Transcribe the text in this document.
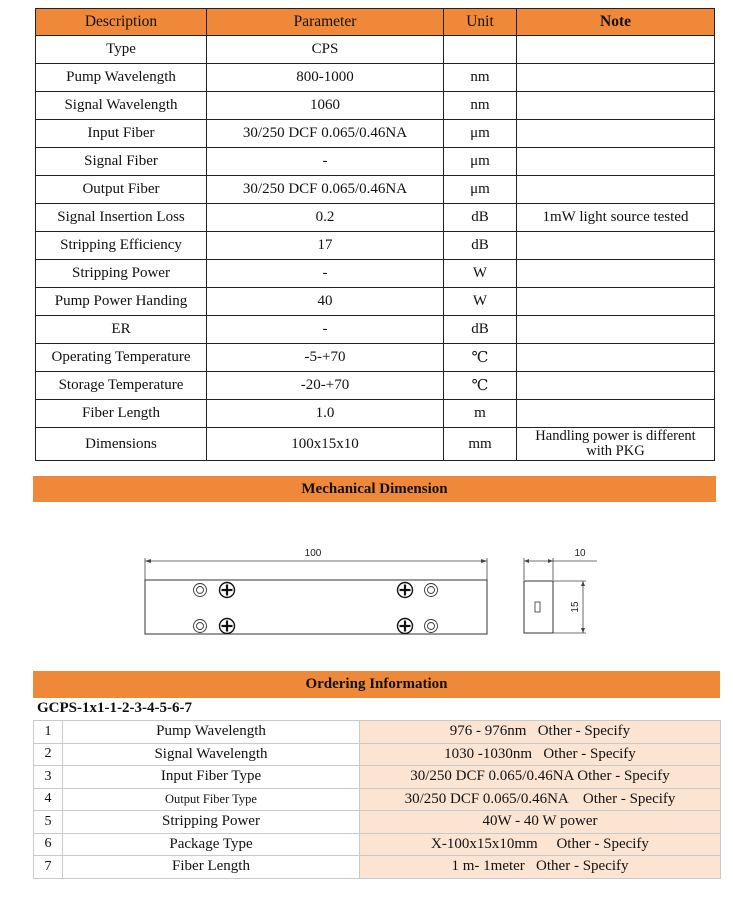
Description	Parameter	Unit	Note
Type	CPS		
Pump Wavelength	800-1000	nm	
Signal Wavelength	1060	nm	
Input Fiber	30/250 DCF 0.065/0.46NA	μm	
Signal Fiber	-	μm	
Output Fiber	30/250 DCF 0.065/0.46NA	μm	
Signal Insertion Loss	0.2	dB	1mW light source tested
Stripping Efficiency	17	dB	
Stripping Power	-	W	
Pump Power Handing	40	W	
ER	-	dB	
Operating Temperature	-5-+70	℃	
Storage Temperature	-20-+70	℃	
Fiber Length	1.0	m	
Dimensions	100x15x10	mm	Handling power is different
with PKG
Mechanical Dimension
100	10
15
Ordering Information
GCPS-1x1-1-2-3-4-5-6-7
1	Pump Wavelength	976 - 976nm   Other - Specify
2	Signal Wavelength	1030 -1030nm   Other - Specify
3	Input Fiber Type	30/250 DCF 0.065/0.46NA Other - Specify
4	Output Fiber Type	30/250 DCF 0.065/0.46NA    Other - Specify
5	Stripping Power	40W - 40 W power
6	Package Type	X-100x15x10mm     Other - Specify
7	Fiber Length	1 m- 1meter   Other - Specify
